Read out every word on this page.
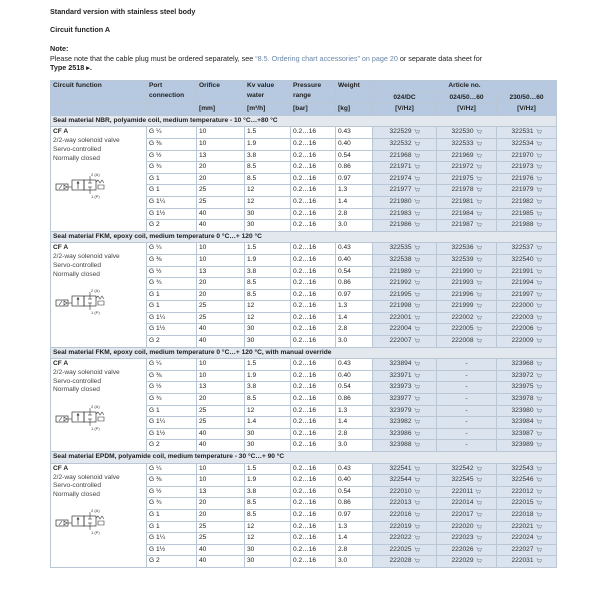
Standard version with stainless steel body
Circuit function A
Note:
Please note that the cable plug must be ordered separately, see “8.5. Ordering chart accessories” on page 20 or separate data sheet for
Type 2518 ▸.
Circuit function	Port connection	Orifice	Kv value water	Pressure range	Weight	Article no.		
						024/DC	024/50…60	230/50…60
		[mm]	[m³/h]	[bar]	[kg]	[V/Hz]	[V/Hz]	[V/Hz]
Seal material NBR, polyamide coil, medium temperature - 10 °C…+80 °C								

CF A
2/2-way solenoid valve
Servo-controlled
Normally closed
2 (A)
1 (P)
	G ¼	10	1.5	0.2…16	0.43	322529	322530	322531
	G ⅜	10	1.9	0.2…16	0.40	322532	322533	322534
	G ½	13	3.8	0.2…16	0.54	221968	221969	221970
	G ¾	20	8.5	0.2…16	0.86	221971	221972	221973
	G 1	20	8.5	0.2…16	0.97	221974	221975	221976
	G 1	25	12	0.2…16	1.3	221977	221978	221979
	G 1¼	25	12	0.2…16	1.4	221980	221981	221982
	G 1½	40	30	0.2…16	2.8	221983	221984	221985
	G 2	40	30	0.2…16	3.0	221986	221987	221988
Seal material FKM, epoxy coil, medium temperature 0 °C…+ 120 °C								

CF A
2/2-way solenoid valve
Servo-controlled
Normally closed
2 (A)
1 (P)
	G ¼	10	1.5	0.2…16	0.43	322535	322536	322537
	G ⅜	10	1.9	0.2…16	0.40	322538	322539	322540
	G ½	13	3.8	0.2…16	0.54	221989	221990	221991
	G ¾	20	8.5	0.2…16	0.86	221992	221993	221994
	G 1	20	8.5	0.2…16	0.97	221995	221996	221997
	G 1	25	12	0.2…16	1.3	221998	221999	222000
	G 1¼	25	12	0.2…16	1.4	222001	222002	222003
	G 1½	40	30	0.2…16	2.8	222004	222005	222006
	G 2	40	30	0.2…16	3.0	222007	222008	222009
Seal material FKM, epoxy coil, medium temperature 0 °C…+ 120 °C, with manual override								

CF A
2/2-way solenoid valve
Servo-controlled
Normally closed
2 (A)
1 (P)
	G ¼	10	1.5	0.2…16	0.43	323894	-	323968
	G ⅜	10	1.9	0.2…16	0.40	323971	-	323972
	G ½	13	3.8	0.2…16	0.54	323973	-	323975
	G ¾	20	8.5	0.2…16	0.86	323977	-	323978
	G 1	25	12	0.2…16	1.3	323979	-	323980
	G 1¼	25	1.4	0.2…16	1.4	323982	-	323984
	G 1½	40	30	0.2…16	2.8	323986	-	323987
	G 2	40	30	0.2…16	3.0	323988	-	323989
Seal material EPDM, polyamide coil, medium temperature - 30 °C…+ 90 °C								

CF A
2/2-way solenoid valve
Servo-controlled
Normally closed
2 (A)
1 (P)
	G ¼	10	1.5	0.2…16	0.43	322541	322542	322543
	G ⅜	10	1.9	0.2…16	0.40	322544	322545	322546
	G ½	13	3.8	0.2…16	0.54	222010	222011	222012
	G ¾	20	8.5	0.2…16	0.86	222013	222014	222015
	G 1	20	8.5	0.2…16	0.97	222016	222017	222018
	G 1	25	12	0.2…16	1.3	222019	222020	222021
	G 1¼	25	12	0.2…16	1.4	222022	222023	222024
	G 1½	40	30	0.2…16	2.8	222025	222026	222027
	G 2	40	30	0.2…16	3.0	222028	222029	222031
